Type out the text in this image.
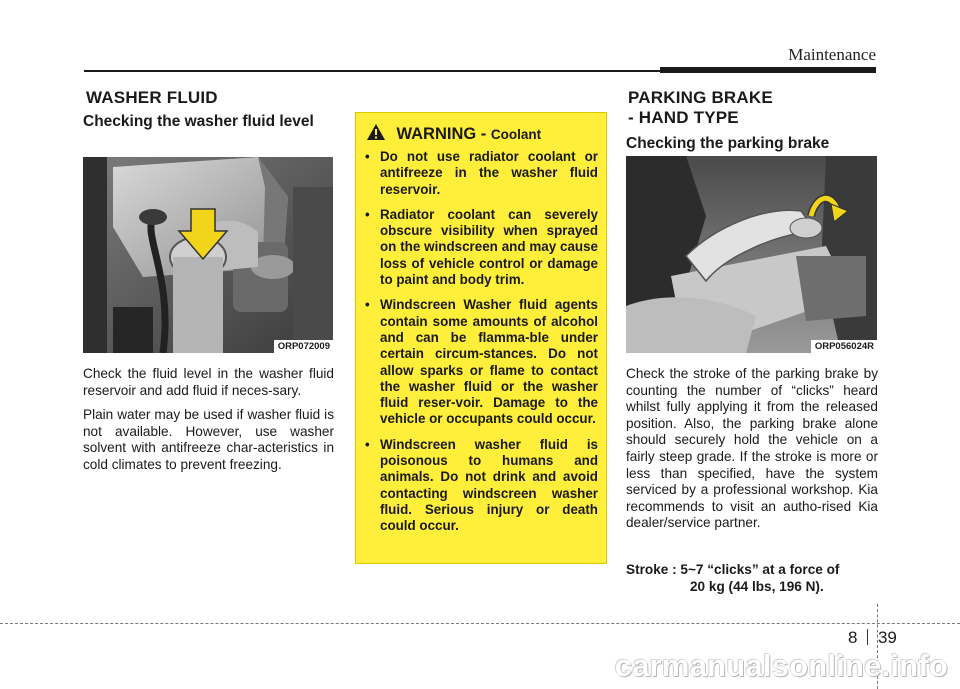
Maintenance
WASHER FLUID
Checking the washer fluid level
ORP072009

Check the fluid level in the washer fluid reservoir and add fluid if neces-sary.

Plain water may be used if washer fluid is not available. However, use washer solvent with antifreeze char-acteristics in cold climates to prevent freezing.

WARNING - Coolant
• Do not use radiator coolant or antifreeze in the washer fluid reservoir.
• Radiator coolant can severely obscure visibility when sprayed on the windscreen and may cause loss of vehicle control or damage to paint and body trim.
• Windscreen Washer fluid agents contain some amounts of alcohol and can be flamma-ble under certain circum-stances. Do not allow sparks or flame to contact the washer fluid or the washer fluid reser-voir. Damage to the vehicle or occupants could occur.
• Windscreen washer fluid is poisonous to humans and animals. Do not drink and avoid contacting windscreen washer fluid. Serious injury or death could occur.
PARKING BRAKE
- HAND TYPE
Checking the parking brake
ORP056024R
Check the stroke of the parking brake by counting the number of “clicks” heard whilst fully applying it from the released position. Also, the parking brake alone should securely hold the vehicle on a fairly steep grade. If the stroke is more or less than specified, have the system serviced by a professional workshop. Kia recommends to visit an autho-rised Kia dealer/service partner.
Stroke : 5~7 “clicks” at a force of
20 kg (44 lbs, 196 N).
8 39
carmanualsonline.info
